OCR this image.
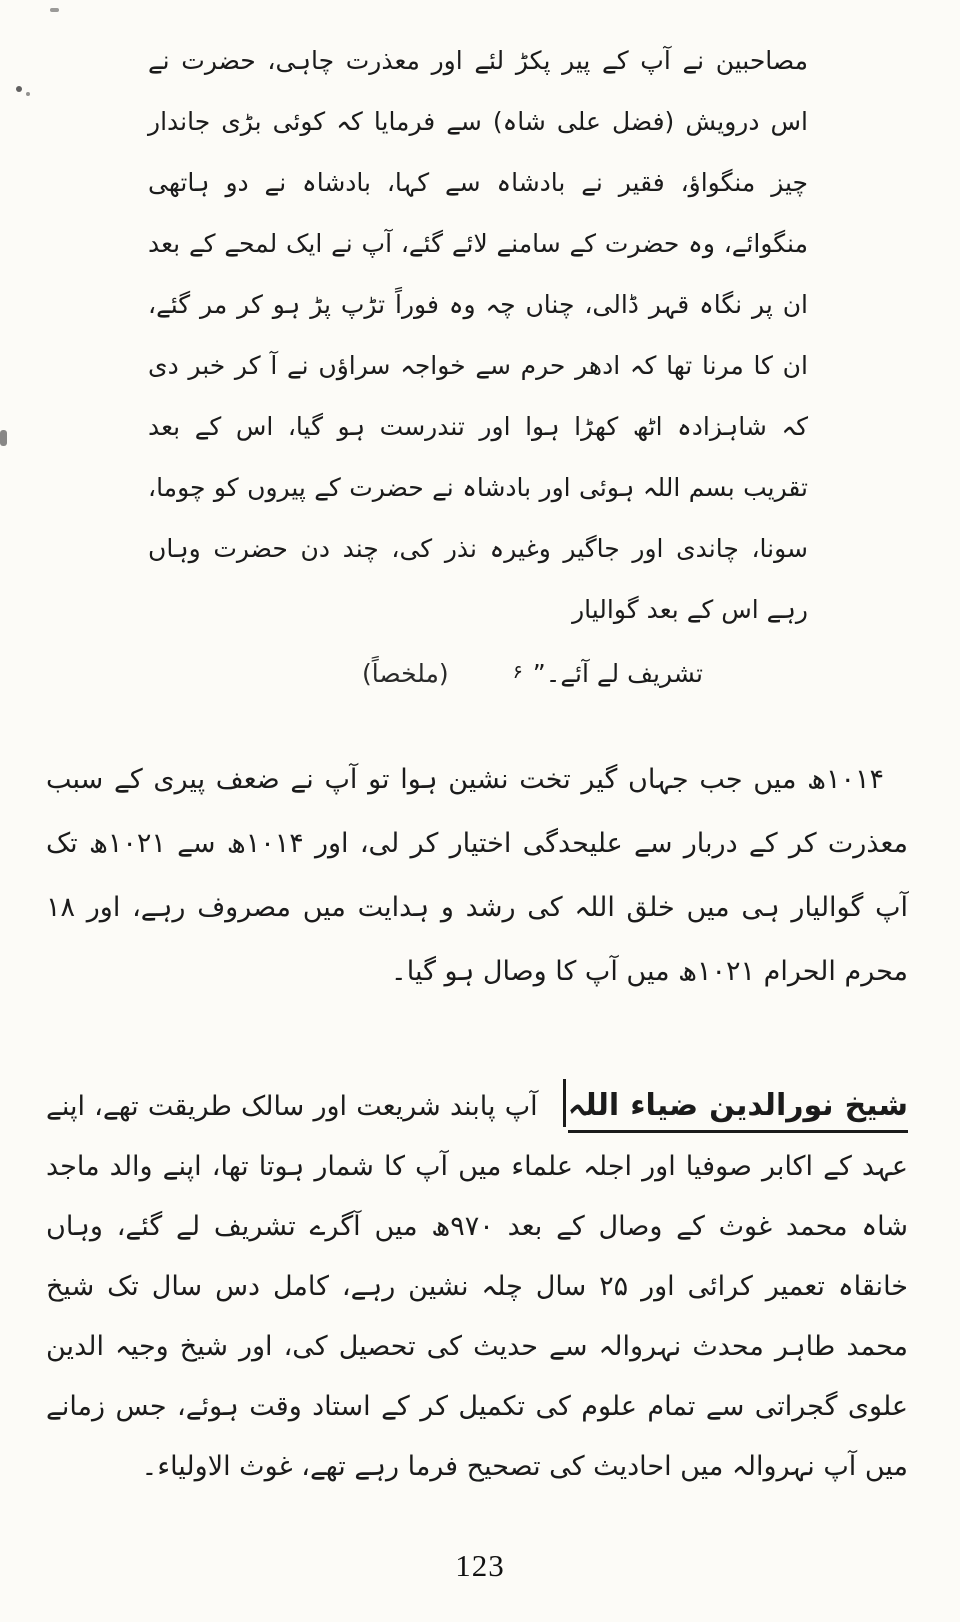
مصاحبین نے آپ کے پیر پکڑ لئے اور معذرت چاہی، حضرت نے اس درویش (فضل علی شاہ) سے فرمایا کہ کوئی بڑی جاندار چیز منگواؤ، فقیر نے بادشاہ سے کہا، بادشاہ نے دو ہاتھی منگوائے، وہ حضرت کے سامنے لائے گئے، آپ نے ایک لمحے کے بعد ان پر نگاہ قہر ڈالی، چناں چہ وہ فوراً تڑپ پڑ ہو کر مر گئے، ان کا مرنا تھا کہ ادھر حرم سے خواجہ سراؤں نے آ کر خبر دی کہ شاہزادہ اٹھ کھڑا ہوا اور تندرست ہو گیا، اس کے بعد تقریب بسم اللہ ہوئی اور بادشاہ نے حضرت کے پیروں کو چوما، سونا، چاندی اور جاگیر وغیرہ نذر کی، چند دن حضرت وہاں رہے اس کے بعد گوالیار

تشریف لے آئے۔”۶ (ملخصاً)

۱۰۱۴ھ میں جب جہاں گیر تخت نشین ہوا تو آپ نے ضعف پیری کے سبب معذرت کر کے دربار سے علیحدگی اختیار کر لی، اور ۱۰۱۴ھ سے ۱۰۲۱ھ تک آپ گوالیار ہی میں خلق اللہ کی رشد و ہدایت میں مصروف رہے، اور ۱۸ محرم الحرام ۱۰۲۱ھ میں آپ کا وصال ہو گیا۔

شیخ نورالدین ضیاء اللہ آپ پابند شریعت اور سالک طریقت تھے، اپنے عہد کے اکابر صوفیا اور اجلہ علماء میں آپ کا شمار ہوتا تھا، اپنے والد ماجد شاہ محمد غوث کے وصال کے بعد ۹۷۰ھ میں آگرے تشریف لے گئے، وہاں خانقاہ تعمیر کرائی اور ۲۵ سال چلہ نشین رہے، کامل دس سال تک شیخ محمد طاہر محدث نہروالہ سے حدیث کی تحصیل کی، اور شیخ وجیہ الدین علوی گجراتی سے تمام علوم کی تکمیل کر کے استاد وقت ہوئے، جس زمانے میں آپ نہروالہ میں احادیث کی تصحیح فرما رہے تھے، غوث الاولیاء۔

123
